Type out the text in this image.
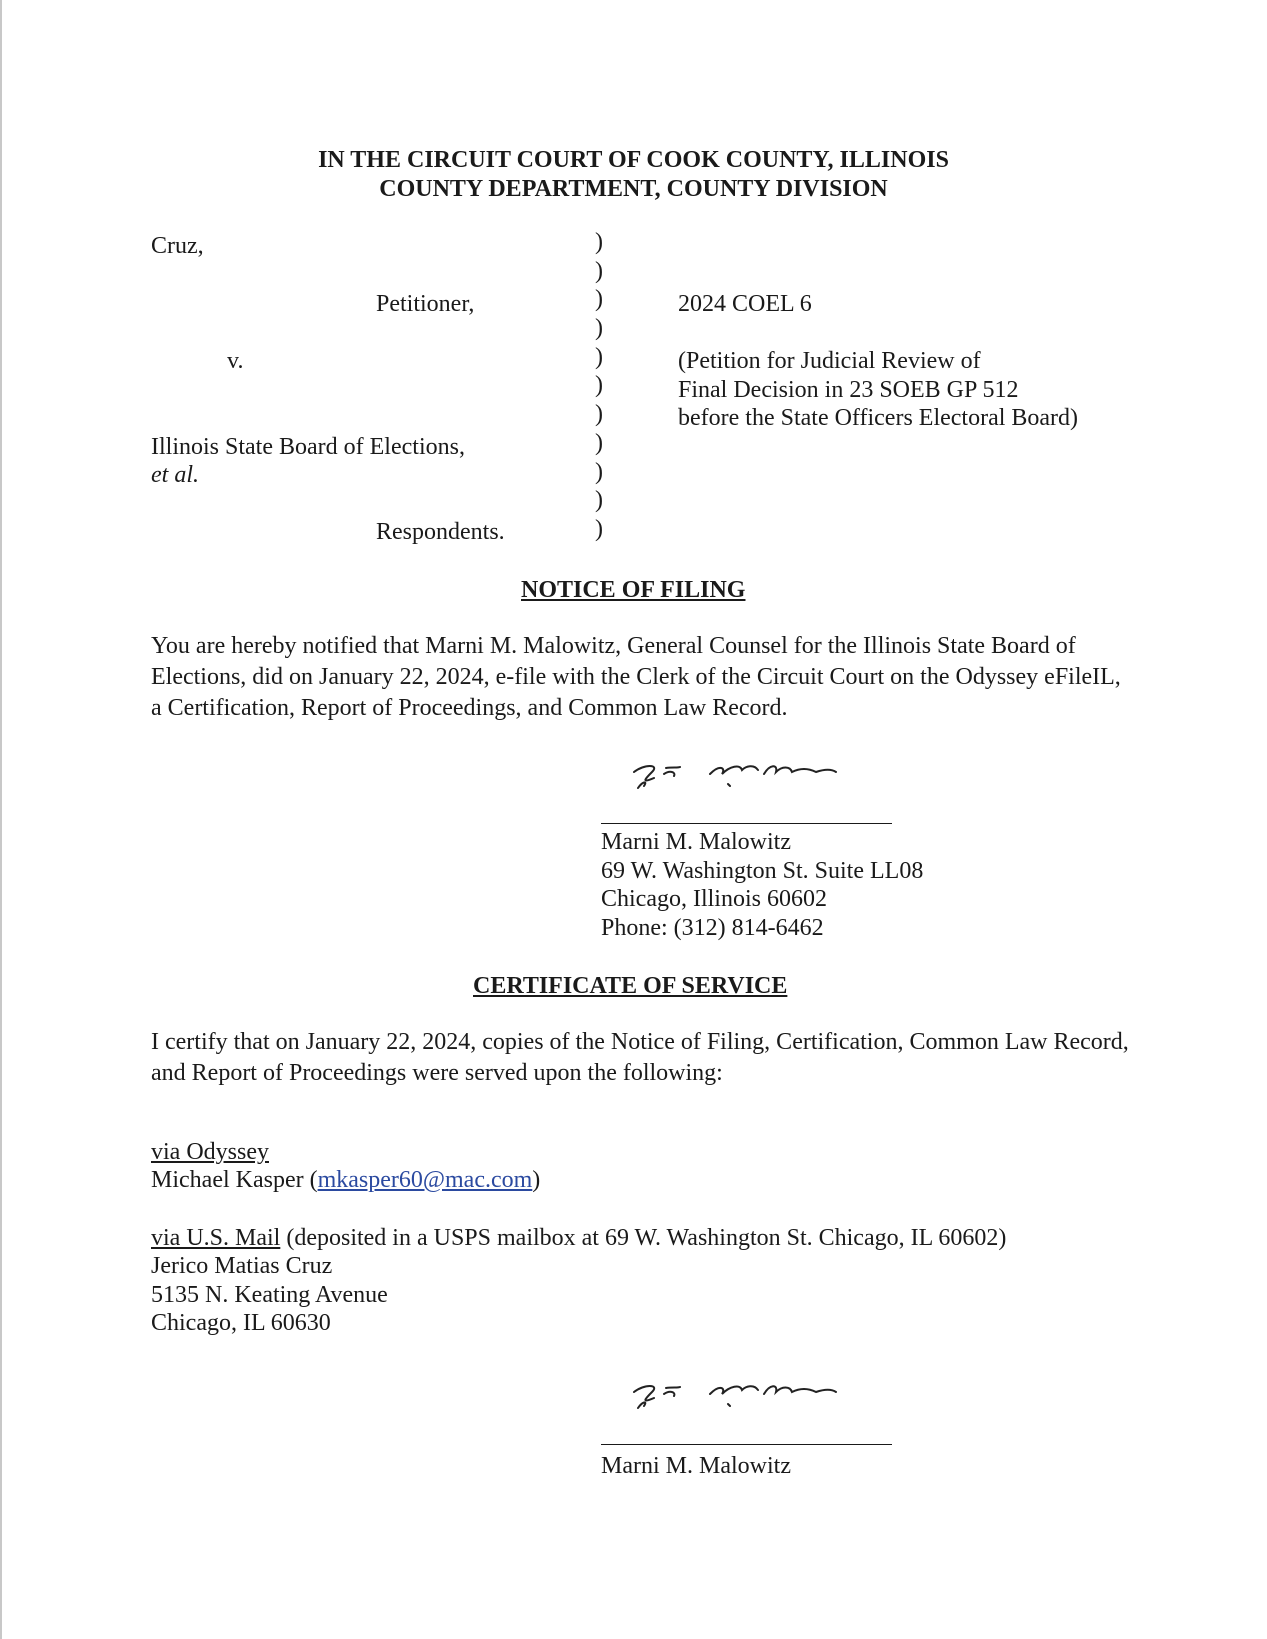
IN THE CIRCUIT COURT OF COOK COUNTY, ILLINOIS
COUNTY DEPARTMENT, COUNTY DIVISION
Cruz,
Petitioner,
v.
Illinois State Board of Elections,
et al.
Respondents.
)
)
)
)
)
)
)
)
)
)
)
2024 COEL 6
(Petition for Judicial Review of
Final Decision in 23 SOEB GP 512
before the State Officers Electoral Board)
NOTICE OF FILING

You are hereby notified that Marni M. Malowitz, General Counsel for the Illinois State Board of Elections, did on January 22, 2024, e-file with the Clerk of the Circuit Court on the Odyssey eFileIL, a Certification, Report of Proceedings, and Common Law Record.

Marni M. Malowitz
69 W. Washington St. Suite LL08
Chicago, Illinois 60602
Phone: (312) 814-6462
CERTIFICATE OF SERVICE

I certify that on January 22, 2024, copies of the Notice of Filing, Certification, Common Law Record, and Report of Proceedings were served upon the following:

via Odyssey
Michael Kasper (mkasper60@mac.com)
via U.S. Mail (deposited in a USPS mailbox at 69 W. Washington St. Chicago, IL 60602)
Jerico Matias Cruz
5135 N. Keating Avenue
Chicago, IL 60630
Marni M. Malowitz
